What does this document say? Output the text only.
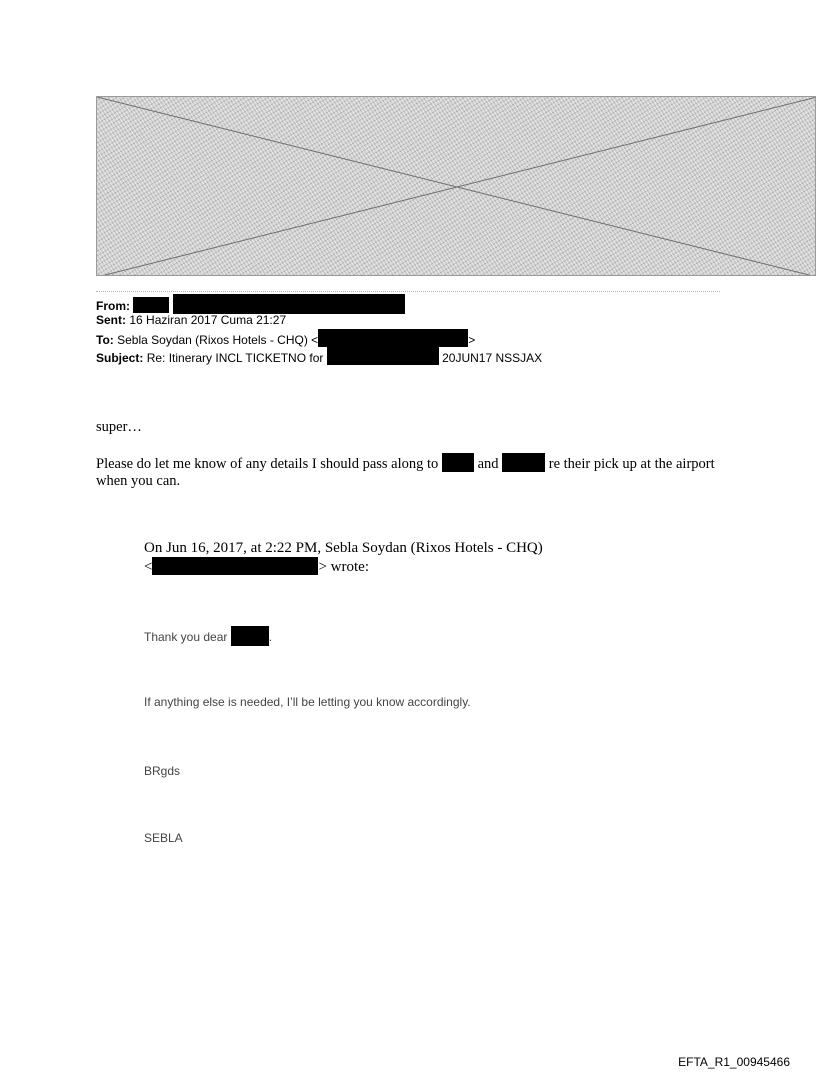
From:
Sent: 16 Haziran 2017 Cuma 21:27
To: Sebla Soydan (Rixos Hotels - CHQ) <	>
Subject: Re: Itinerary INCL TICKETNO for	20JUN17 NSSJAX
super…
Please do let me know of any details I should pass along to	and	re their pick up at the airport when you can.
On Jun 16, 2017, at 2:22 PM, Sebla Soydan (Rixos Hotels - CHQ)
<	> wrote:
Thank you dear	.
If anything else is needed, I’ll be letting you know accordingly.
BRgds
SEBLA
EFTA_R1_00945466
